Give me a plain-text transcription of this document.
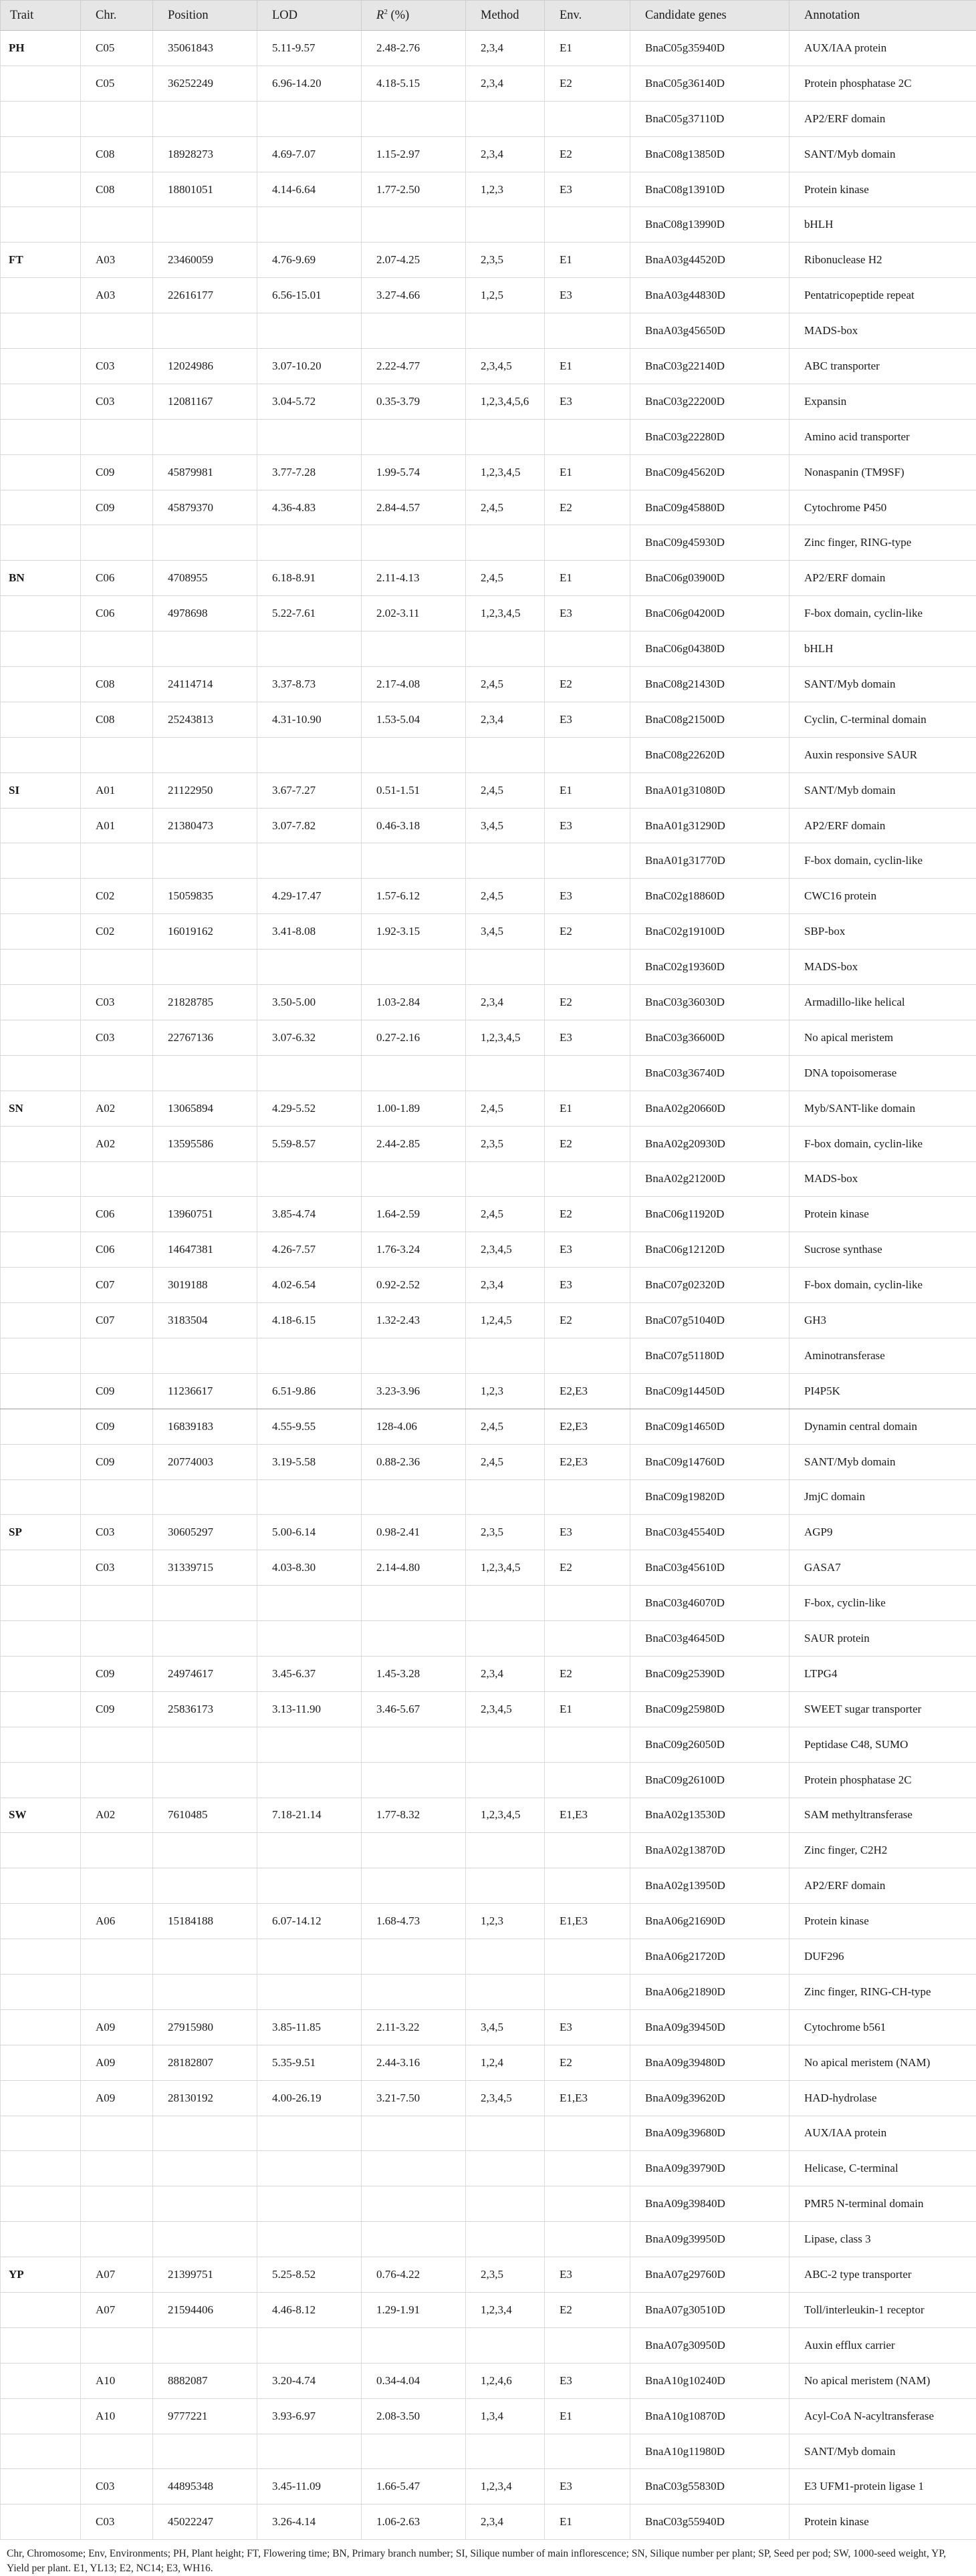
Trait	Chr.	Position	LOD	$R^2$ (%)	Method	Env.	Candidate genes	Annotation
PH	C05	35061843	5.11-9.57	2.48-2.76	2,3,4	E1	BnaC05g35940D	AUX/IAA protein
	C05	36252249	6.96-14.20	4.18-5.15	2,3,4	E2	BnaC05g36140D	Protein phosphatase 2C
							BnaC05g37110D	AP2/ERF domain
	C08	18928273	4.69-7.07	1.15-2.97	2,3,4	E2	BnaC08g13850D	SANT/Myb domain
	C08	18801051	4.14-6.64	1.77-2.50	1,2,3	E3	BnaC08g13910D	Protein kinase
							BnaC08g13990D	bHLH
FT	A03	23460059	4.76-9.69	2.07-4.25	2,3,5	E1	BnaA03g44520D	Ribonuclease H2
	A03	22616177	6.56-15.01	3.27-4.66	1,2,5	E3	BnaA03g44830D	Pentatricopeptide repeat
							BnaA03g45650D	MADS-box
	C03	12024986	3.07-10.20	2.22-4.77	2,3,4,5	E1	BnaC03g22140D	ABC transporter
	C03	12081167	3.04-5.72	0.35-3.79	1,2,3,4,5,6	E3	BnaC03g22200D	Expansin
							BnaC03g22280D	Amino acid transporter
	C09	45879981	3.77-7.28	1.99-5.74	1,2,3,4,5	E1	BnaC09g45620D	Nonaspanin (TM9SF)
	C09	45879370	4.36-4.83	2.84-4.57	2,4,5	E2	BnaC09g45880D	Cytochrome P450
							BnaC09g45930D	Zinc finger, RING-type
BN	C06	4708955	6.18-8.91	2.11-4.13	2,4,5	E1	BnaC06g03900D	AP2/ERF domain
	C06	4978698	5.22-7.61	2.02-3.11	1,2,3,4,5	E3	BnaC06g04200D	F-box domain, cyclin-like
							BnaC06g04380D	bHLH
	C08	24114714	3.37-8.73	2.17-4.08	2,4,5	E2	BnaC08g21430D	SANT/Myb domain
	C08	25243813	4.31-10.90	1.53-5.04	2,3,4	E3	BnaC08g21500D	Cyclin, C-terminal domain
							BnaC08g22620D	Auxin responsive SAUR
SI	A01	21122950	3.67-7.27	0.51-1.51	2,4,5	E1	BnaA01g31080D	SANT/Myb domain
	A01	21380473	3.07-7.82	0.46-3.18	3,4,5	E3	BnaA01g31290D	AP2/ERF domain
							BnaA01g31770D	F-box domain, cyclin-like
	C02	15059835	4.29-17.47	1.57-6.12	2,4,5	E3	BnaC02g18860D	CWC16 protein
	C02	16019162	3.41-8.08	1.92-3.15	3,4,5	E2	BnaC02g19100D	SBP-box
							BnaC02g19360D	MADS-box
	C03	21828785	3.50-5.00	1.03-2.84	2,3,4	E2	BnaC03g36030D	Armadillo-like helical
	C03	22767136	3.07-6.32	0.27-2.16	1,2,3,4,5	E3	BnaC03g36600D	No apical meristem
							BnaC03g36740D	DNA topoisomerase
SN	A02	13065894	4.29-5.52	1.00-1.89	2,4,5	E1	BnaA02g20660D	Myb/SANT-like domain
	A02	13595586	5.59-8.57	2.44-2.85	2,3,5	E2	BnaA02g20930D	F-box domain, cyclin-like
							BnaA02g21200D	MADS-box
	C06	13960751	3.85-4.74	1.64-2.59	2,4,5	E2	BnaC06g11920D	Protein kinase
	C06	14647381	4.26-7.57	1.76-3.24	2,3,4,5	E3	BnaC06g12120D	Sucrose synthase
	C07	3019188	4.02-6.54	0.92-2.52	2,3,4	E3	BnaC07g02320D	F-box domain, cyclin-like
	C07	3183504	4.18-6.15	1.32-2.43	1,2,4,5	E2	BnaC07g51040D	GH3
							BnaC07g51180D	Aminotransferase
	C09	11236617	6.51-9.86	3.23-3.96	1,2,3	E2,E3	BnaC09g14450D	PI4P5K
	C09	16839183	4.55-9.55	128-4.06	2,4,5	E2,E3	BnaC09g14650D	Dynamin central domain
	C09	20774003	3.19-5.58	0.88-2.36	2,4,5	E2,E3	BnaC09g14760D	SANT/Myb domain
							BnaC09g19820D	JmjC domain
SP	C03	30605297	5.00-6.14	0.98-2.41	2,3,5	E3	BnaC03g45540D	AGP9
	C03	31339715	4.03-8.30	2.14-4.80	1,2,3,4,5	E2	BnaC03g45610D	GASA7
							BnaC03g46070D	F-box, cyclin-like
							BnaC03g46450D	SAUR protein
	C09	24974617	3.45-6.37	1.45-3.28	2,3,4	E2	BnaC09g25390D	LTPG4
	C09	25836173	3.13-11.90	3.46-5.67	2,3,4,5	E1	BnaC09g25980D	SWEET sugar transporter
							BnaC09g26050D	Peptidase C48, SUMO
							BnaC09g26100D	Protein phosphatase 2C
SW	A02	7610485	7.18-21.14	1.77-8.32	1,2,3,4,5	E1,E3	BnaA02g13530D	SAM methyltransferase
							BnaA02g13870D	Zinc finger, C2H2
							BnaA02g13950D	AP2/ERF domain
	A06	15184188	6.07-14.12	1.68-4.73	1,2,3	E1,E3	BnaA06g21690D	Protein kinase
							BnaA06g21720D	DUF296
							BnaA06g21890D	Zinc finger, RING-CH-type
	A09	27915980	3.85-11.85	2.11-3.22	3,4,5	E3	BnaA09g39450D	Cytochrome b561
	A09	28182807	5.35-9.51	2.44-3.16	1,2,4	E2	BnaA09g39480D	No apical meristem (NAM)
	A09	28130192	4.00-26.19	3.21-7.50	2,3,4,5	E1,E3	BnaA09g39620D	HAD-hydrolase
							BnaA09g39680D	AUX/IAA protein
							BnaA09g39790D	Helicase, C-terminal
							BnaA09g39840D	PMR5 N-terminal domain
							BnaA09g39950D	Lipase, class 3
YP	A07	21399751	5.25-8.52	0.76-4.22	2,3,5	E3	BnaA07g29760D	ABC-2 type transporter
	A07	21594406	4.46-8.12	1.29-1.91	1,2,3,4	E2	BnaA07g30510D	Toll/interleukin-1 receptor
							BnaA07g30950D	Auxin efflux carrier
	A10	8882087	3.20-4.74	0.34-4.04	1,2,4,6	E3	BnaA10g10240D	No apical meristem (NAM)
	A10	9777221	3.93-6.97	2.08-3.50	1,3,4	E1	BnaA10g10870D	Acyl-CoA N-acyltransferase
							BnaA10g11980D	SANT/Myb domain
	C03	44895348	3.45-11.09	1.66-5.47	1,2,3,4	E3	BnaC03g55830D	E3 UFM1-protein ligase 1
	C03	45022247	3.26-4.14	1.06-2.63	2,3,4	E1	BnaC03g55940D	Protein kinase
Chr, Chromosome; Env, Environments; PH, Plant height; FT, Flowering time; BN, Primary branch number; SI, Silique number of main inflorescence; SN, Silique number per plant; SP, Seed per pod; SW, 1000-seed weight, YP, Yield per plant. E1, YL13; E2, NC14; E3, WH16.
